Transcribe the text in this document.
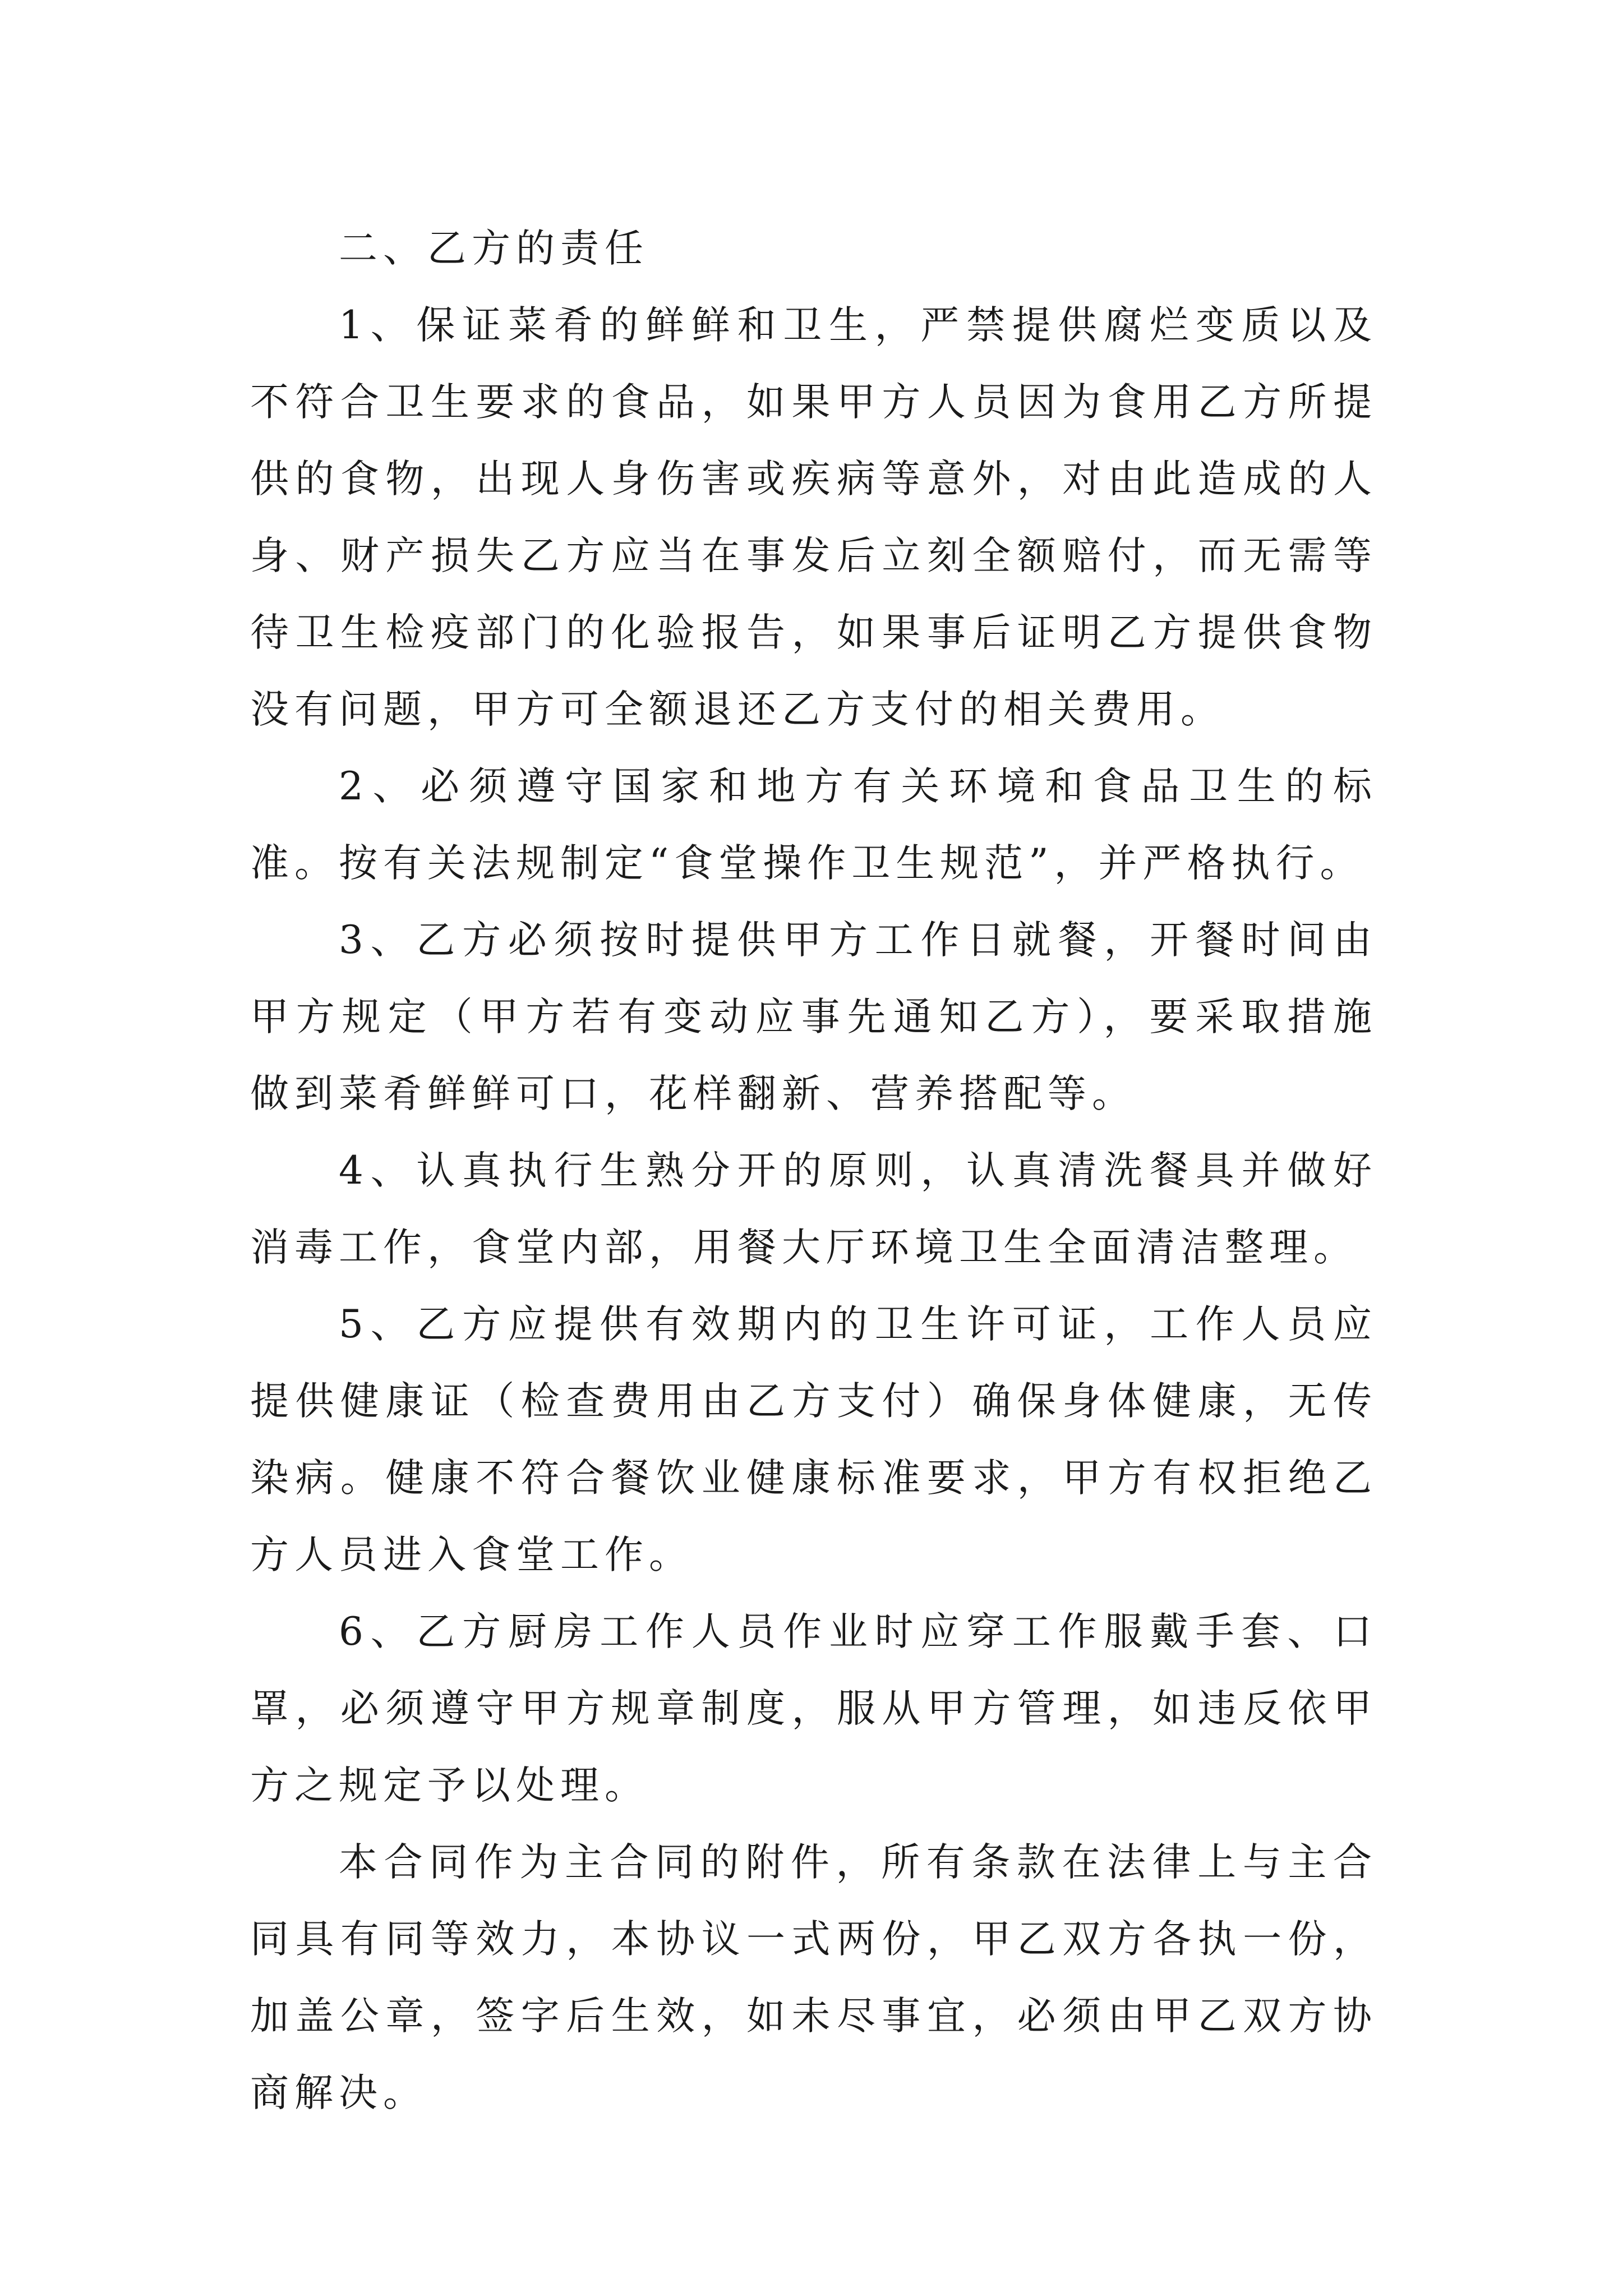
二、乙方的责任

1、保证菜肴的鲜鲜和卫生，严禁提供腐烂变质以及不符合卫生要求的食品，如果甲方人员因为食用乙方所提供的食物，出现人身伤害或疾病等意外，对由此造成的人身、财产损失乙方应当在事发后立刻全额赔付，而无需等待卫生检疫部门的化验报告，如果事后证明乙方提供食物没有问题，甲方可全额退还乙方支付的相关费用。

2、必须遵守国家和地方有关环境和食品卫生的标准。按有关法规制定“食堂操作卫生规范”，并严格执行。

3、乙方必须按时提供甲方工作日就餐，开餐时间由甲方规定（甲方若有变动应事先通知乙方），要采取措施做到菜肴鲜鲜可口，花样翻新、营养搭配等。

4、认真执行生熟分开的原则，认真清洗餐具并做好消毒工作，食堂内部，用餐大厅环境卫生全面清洁整理。

5、乙方应提供有效期内的卫生许可证，工作人员应提供健康证（检查费用由乙方支付）确保身体健康，无传染病。健康不符合餐饮业健康标准要求，甲方有权拒绝乙方人员进入食堂工作。

6、乙方厨房工作人员作业时应穿工作服戴手套、口罩，必须遵守甲方规章制度，服从甲方管理，如违反依甲方之规定予以处理。

本合同作为主合同的附件，所有条款在法律上与主合同具有同等效力，本协议一式两份，甲乙双方各执一份，加盖公章，签字后生效，如未尽事宜，必须由甲乙双方协商解决。
